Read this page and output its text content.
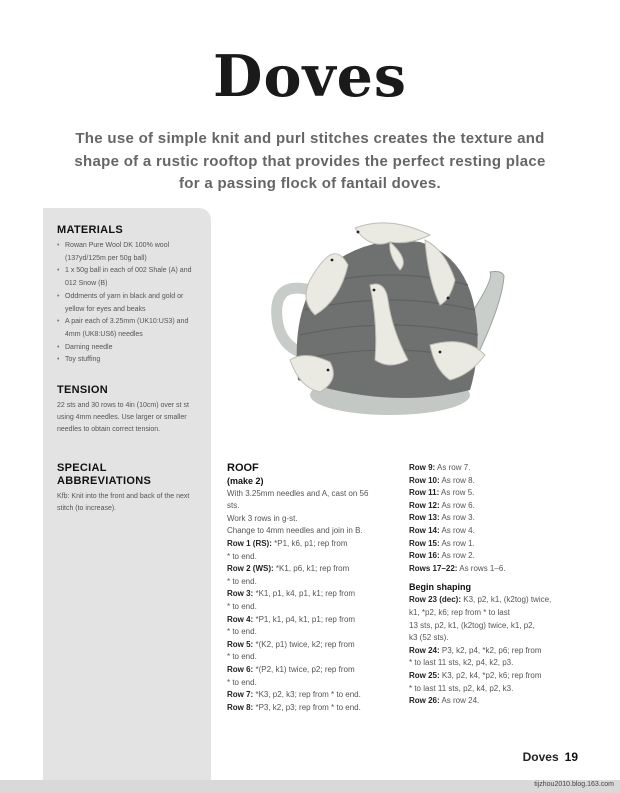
Doves
The use of simple knit and purl stitches creates the texture and shape of a rustic rooftop that provides the perfect resting place for a passing flock of fantail doves.
MATERIALS
• Rowan Pure Wool DK 100% wool (137yd/125m per 50g ball)
• 1 x 50g ball in each of 002 Shale (A) and 012 Snow (B)
• Oddments of yarn in black and gold or yellow for eyes and beaks
• A pair each of 3.25mm (UK10:US3) and 4mm (UK8:US6) needles
• Darning needle
• Toy stuffing
TENSION

22 sts and 30 rows to 4in (10cm) over st st using 4mm needles. Use larger or smaller needles to obtain correct tension.

SPECIAL ABBREVIATIONS

Kfb: Knit into the front and back of the next stitch (to increase).

ROOF
(make 2)
With 3.25mm needles and A, cast on 56
sts.
Work 3 rows in g-st.
Change to 4mm needles and join in B.
Row 1 (RS): *P1, k6, p1; rep from
* to end.
Row 2 (WS): *K1, p6, k1; rep from
* to end.
Row 3: *K1, p1, k4, p1, k1; rep from
* to end.
Row 4: *P1, k1, p4, k1, p1; rep from
* to end.
Row 5: *(K2, p1) twice, k2; rep from
* to end.
Row 6: *(P2, k1) twice, p2; rep from
* to end.
Row 7: *K3, p2, k3; rep from * to end.
Row 8: *P3, k2, p3; rep from * to end.
Row 9: As row 7.
Row 10: As row 8.
Row 11: As row 5.
Row 12: As row 6.
Row 13: As row 3.
Row 14: As row 4.
Row 15: As row 1.
Row 16: As row 2.
Rows 17–22: As rows 1–6.
Begin shaping
Row 23 (dec): K3, p2, k1, (k2tog) twice,
k1, *p2, k6; rep from * to last
13 sts, p2, k1, (k2tog) twice, k1, p2,
k3 (52 sts).
Row 24: P3, k2, p4, *k2, p6; rep from
* to last 11 sts, k2, p4, k2, p3.
Row 25: K3, p2, k4, *p2, k6; rep from
* to last 11 sts, p2, k4, p2, k3.
Row 26: As row 24.
Doves 19
tijzhou2010.blog.163.com
